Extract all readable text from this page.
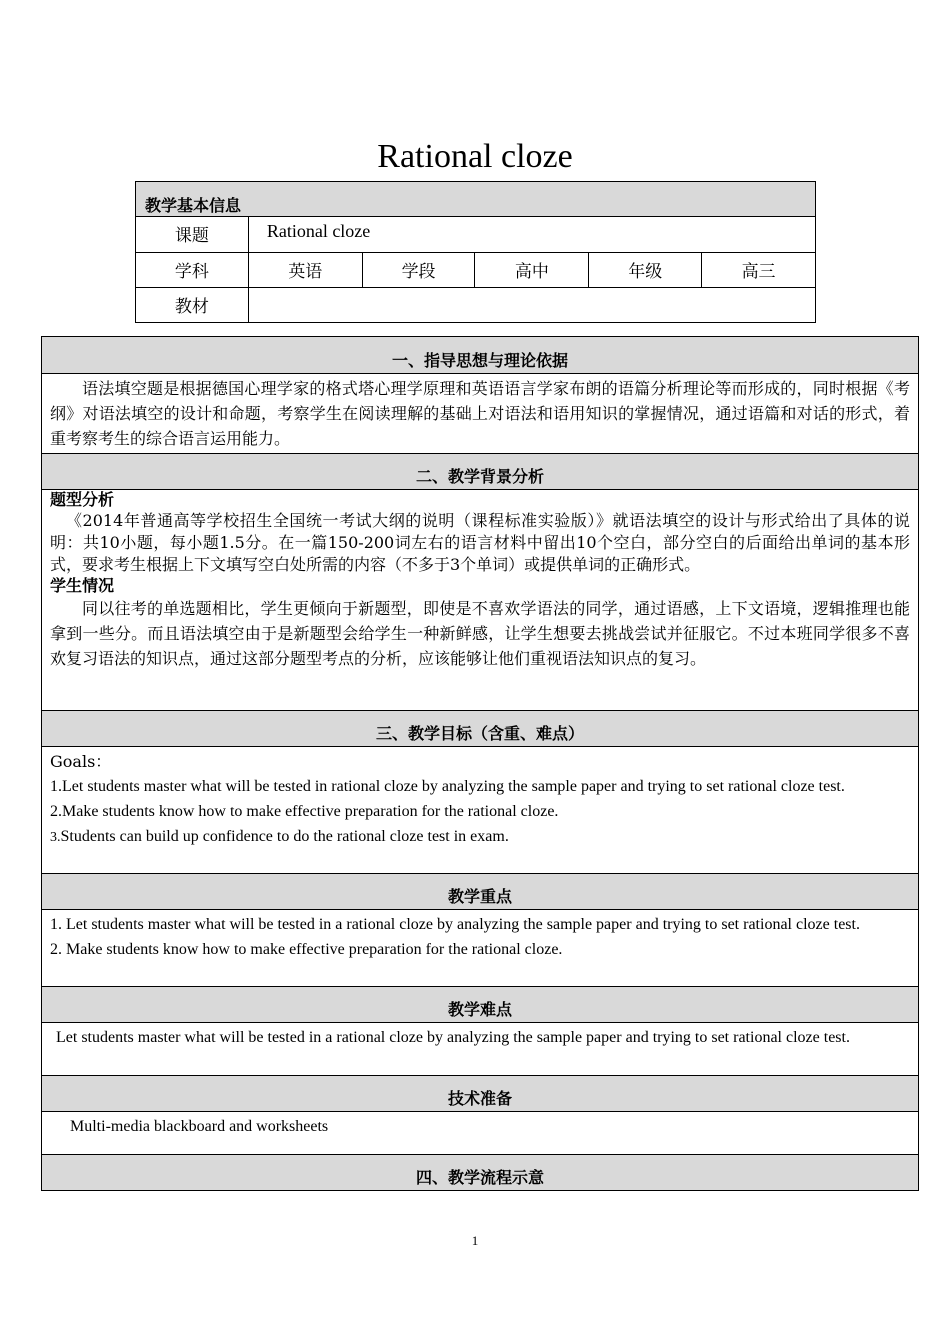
Rational cloze
教学基本信息					
课题	Rational cloze				
学科	英语	学段	高中	年级	高三
教材					
一、指导思想与理论依据

语法填空题是根据德国心理学家的格式塔心理学原理和英语语言学家布朗的语篇分析理论等而形成的，同时根据《考纲》对语法填空的设计和命题，考察学生在阅读理解的基础上对语法和语用知识的掌握情况，通过语篇和对话的形式，着重考察考生的综合语言运用能力。

二、教学背景分析

题型分析

《2014年普通高等学校招生全国统一考试大纲的说明（课程标准实验版）》就语法填空的设计与形式给出了具体的说明：共10小题，每小题1.5分。在一篇150-200词左右的语言材料中留出10个空白，部分空白的后面给出单词的基本形式，要求考生根据上下文填写空白处所需的内容（不多于3个单词）或提供单词的正确形式。

学生情况

同以往考的单选题相比，学生更倾向于新题型，即使是不喜欢学语法的同学，通过语感，上下文语境，逻辑推理也能拿到一些分。而且语法填空由于是新题型会给学生一种新鲜感，让学生想要去挑战尝试并征服它。不过本班同学很多不喜欢复习语法的知识点，通过这部分题型考点的分析，应该能够让他们重视语法知识点的复习。

三、教学目标（含重、难点）

Goals：

1.Let students master what will be tested in rational cloze by analyzing the sample paper and trying to set rational cloze test.

2.Make students know how to make effective preparation for the rational cloze.

3.Students can build up confidence to do the rational cloze test in exam.

教学重点

1. Let students master what will be tested in a rational cloze by analyzing the sample paper and trying to set rational cloze test.

2. Make students know how to make effective preparation for the rational cloze.

教学难点

Let students master what will be tested in a rational cloze by analyzing the sample paper and trying to set rational cloze test.

技术准备

Multi-media blackboard and worksheets

四、教学流程示意
1
